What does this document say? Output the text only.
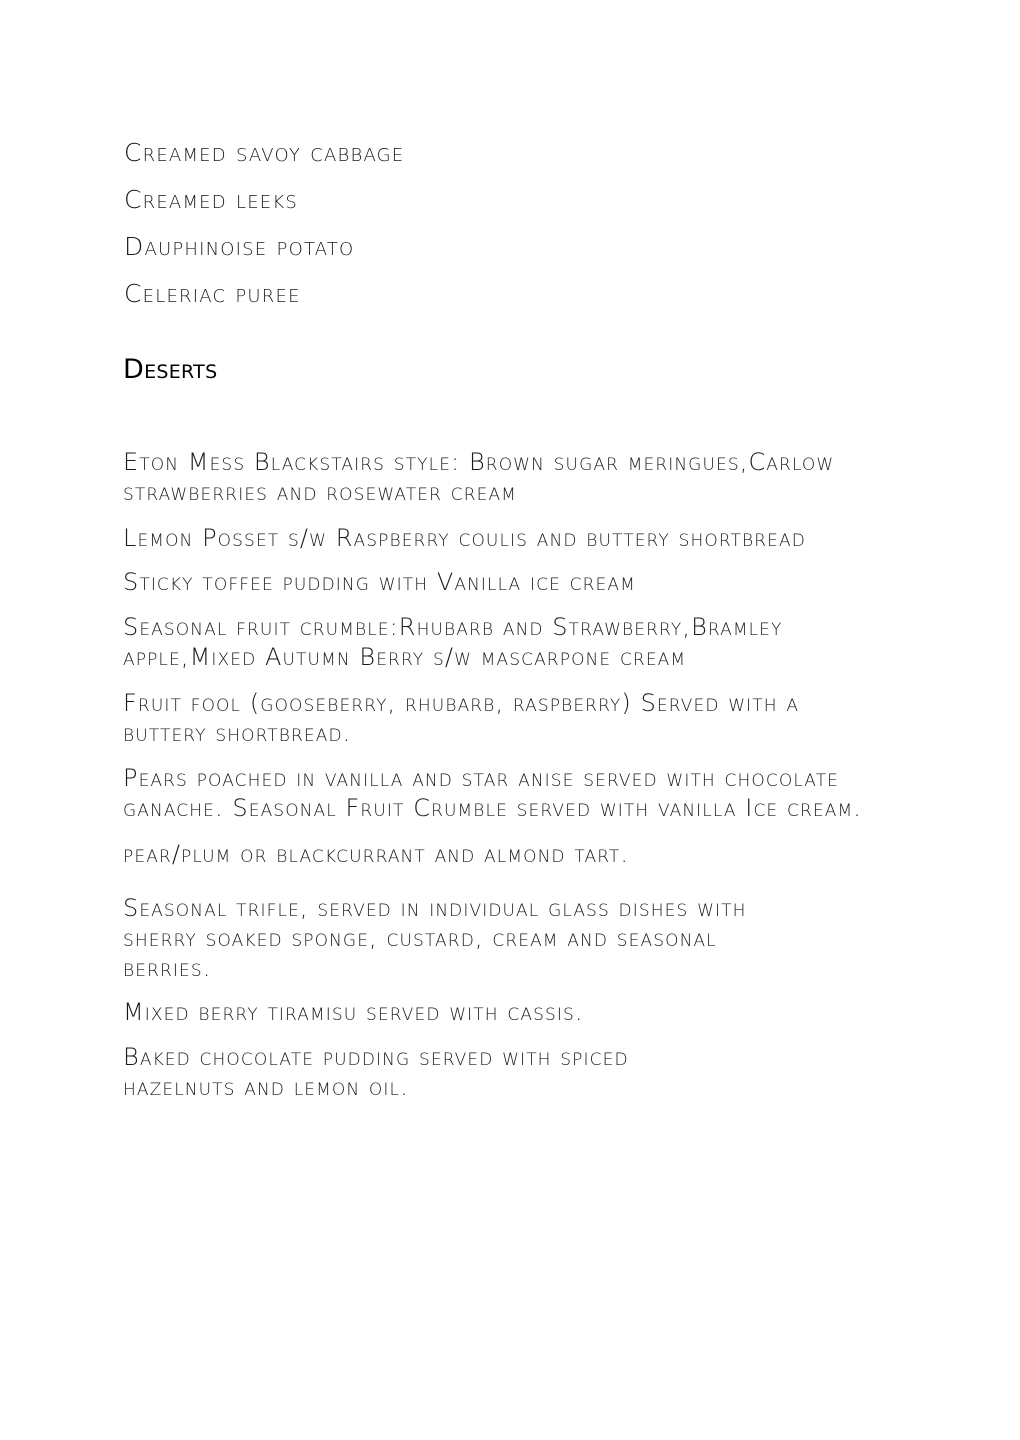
Creamed savoy cabbage
Creamed leeks
Dauphinoise potato
Celeriac puree
Deserts
Eton Mess Blackstairs style: Brown sugar meringues,Carlow
strawberries and rosewater cream
Lemon Posset s/w Raspberry coulis and buttery shortbread
Sticky toffee pudding with Vanilla ice cream
Seasonal fruit crumble:Rhubarb and Strawberry,Bramley
apple,Mixed Autumn Berry s/w mascarpone cream
Fruit fool (gooseberry, rhubarb, raspberry) Served with a
buttery shortbread.
Pears poached in vanilla and star anise served with chocolate
ganache. Seasonal Fruit Crumble served with vanilla Ice cream.
pear/plum or blackcurrant and almond tart.
Seasonal trifle, served in individual glass dishes with
sherry soaked sponge, custard, cream and seasonal
berries.
Mixed berry tiramisu served with cassis.
Baked chocolate pudding served with spiced
hazelnuts and lemon oil.
